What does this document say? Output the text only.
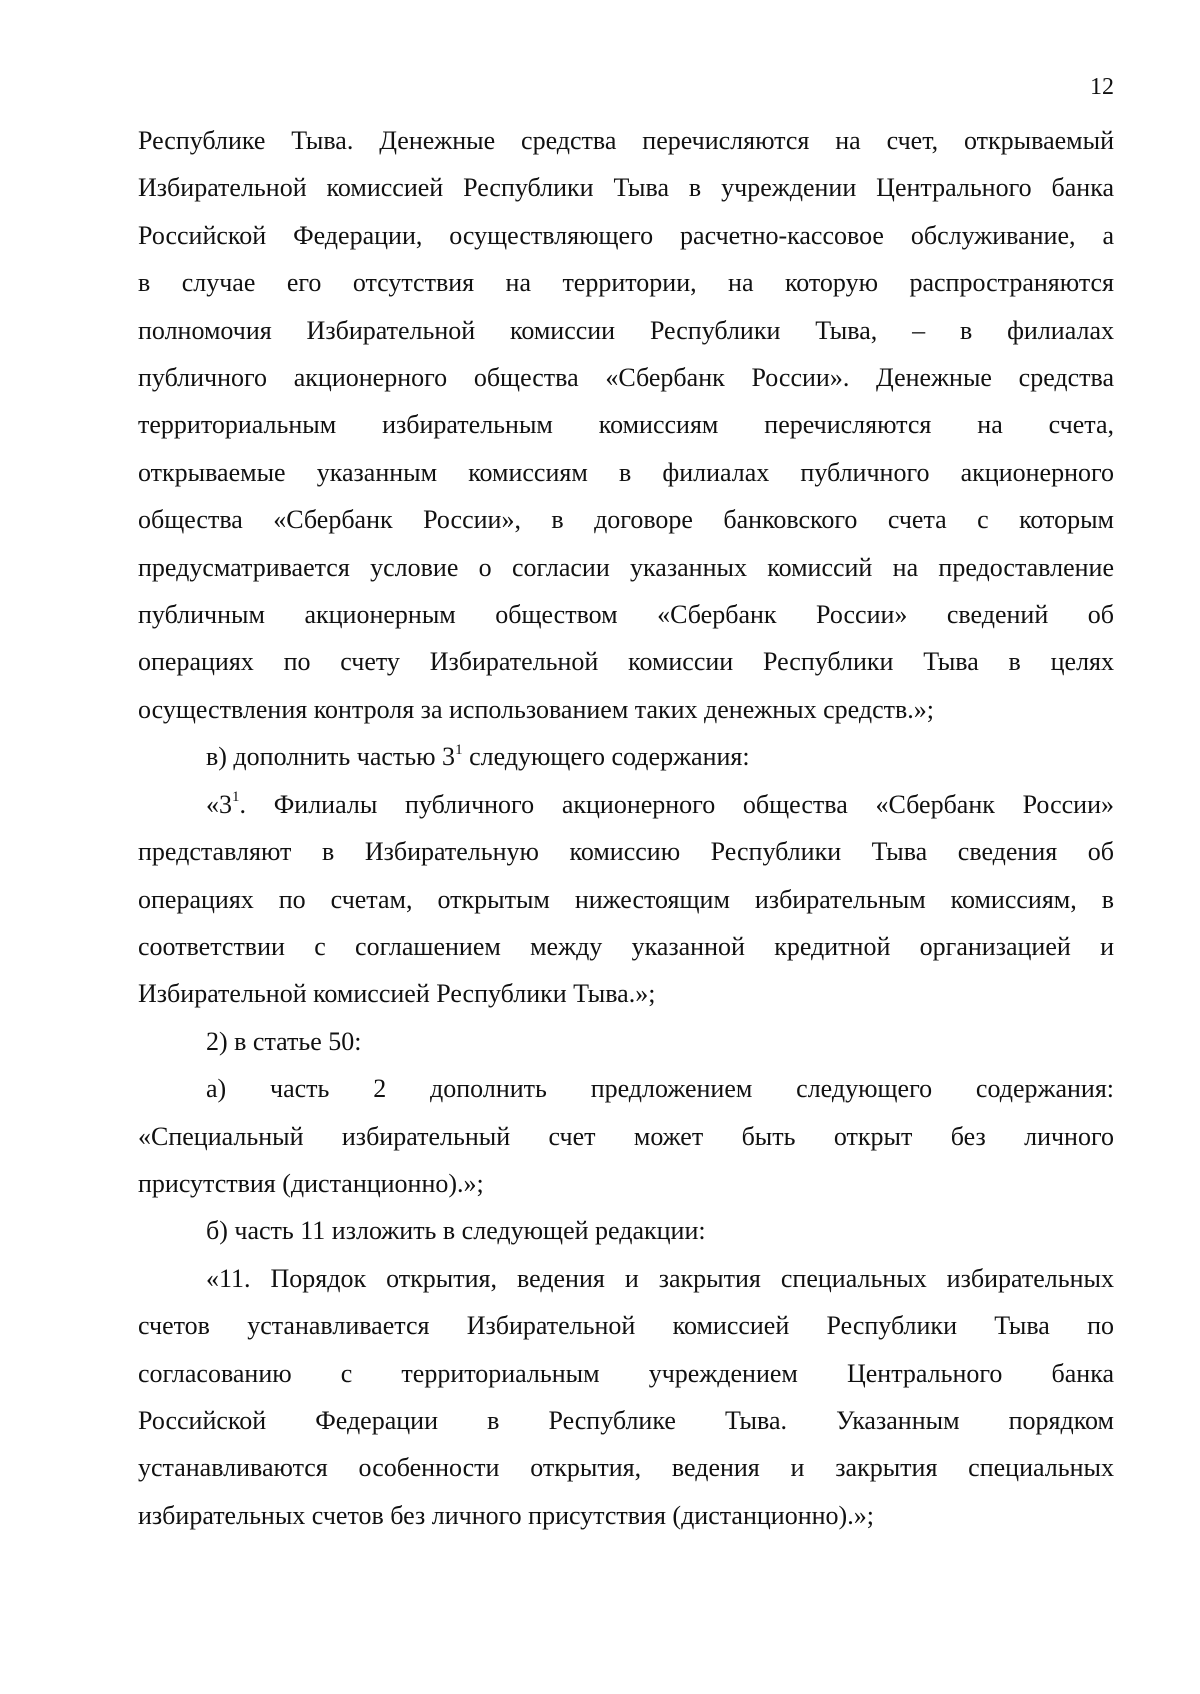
12
Республике Тыва. Денежные средства перечисляются на счет, открываемый
Избирательной комиссией Республики Тыва в учреждении Центрального банка
Российской Федерации, осуществляющего расчетно-кассовое обслуживание, а
в случае его отсутствия на территории, на которую распространяются
полномочия Избирательной комиссии Республики Тыва, – в филиалах
публичного акционерного общества «Сбербанк России». Денежные средства
территориальным избирательным комиссиям перечисляются на счета,
открываемые указанным комиссиям в филиалах публичного акционерного
общества «Сбербанк России», в договоре банковского счета с которым
предусматривается условие о согласии указанных комиссий на предоставление
публичным акционерным обществом «Сбербанк России» сведений об
операциях по счету Избирательной комиссии Республики Тыва в целях
осуществления контроля за использованием таких денежных средств.»;
в) дополнить частью $3^1$ следующего содержания:
«$3^1$. Филиалы публичного акционерного общества «Сбербанк России»
представляют в Избирательную комиссию Республики Тыва сведения об
операциях по счетам, открытым нижестоящим избирательным комиссиям, в
соответствии с соглашением между указанной кредитной организацией и
Избирательной комиссией Республики Тыва.»;
2) в статье 50:
а) часть 2 дополнить предложением следующего содержания:
«Специальный избирательный счет может быть открыт без личного
присутствия (дистанционно).»;
б) часть 11 изложить в следующей редакции:
«11. Порядок открытия, ведения и закрытия специальных избирательных
счетов устанавливается Избирательной комиссией Республики Тыва по
согласованию с территориальным учреждением Центрального банка
Российской Федерации в Республике Тыва. Указанным порядком
устанавливаются особенности открытия, ведения и закрытия специальных
избирательных счетов без личного присутствия (дистанционно).»;
